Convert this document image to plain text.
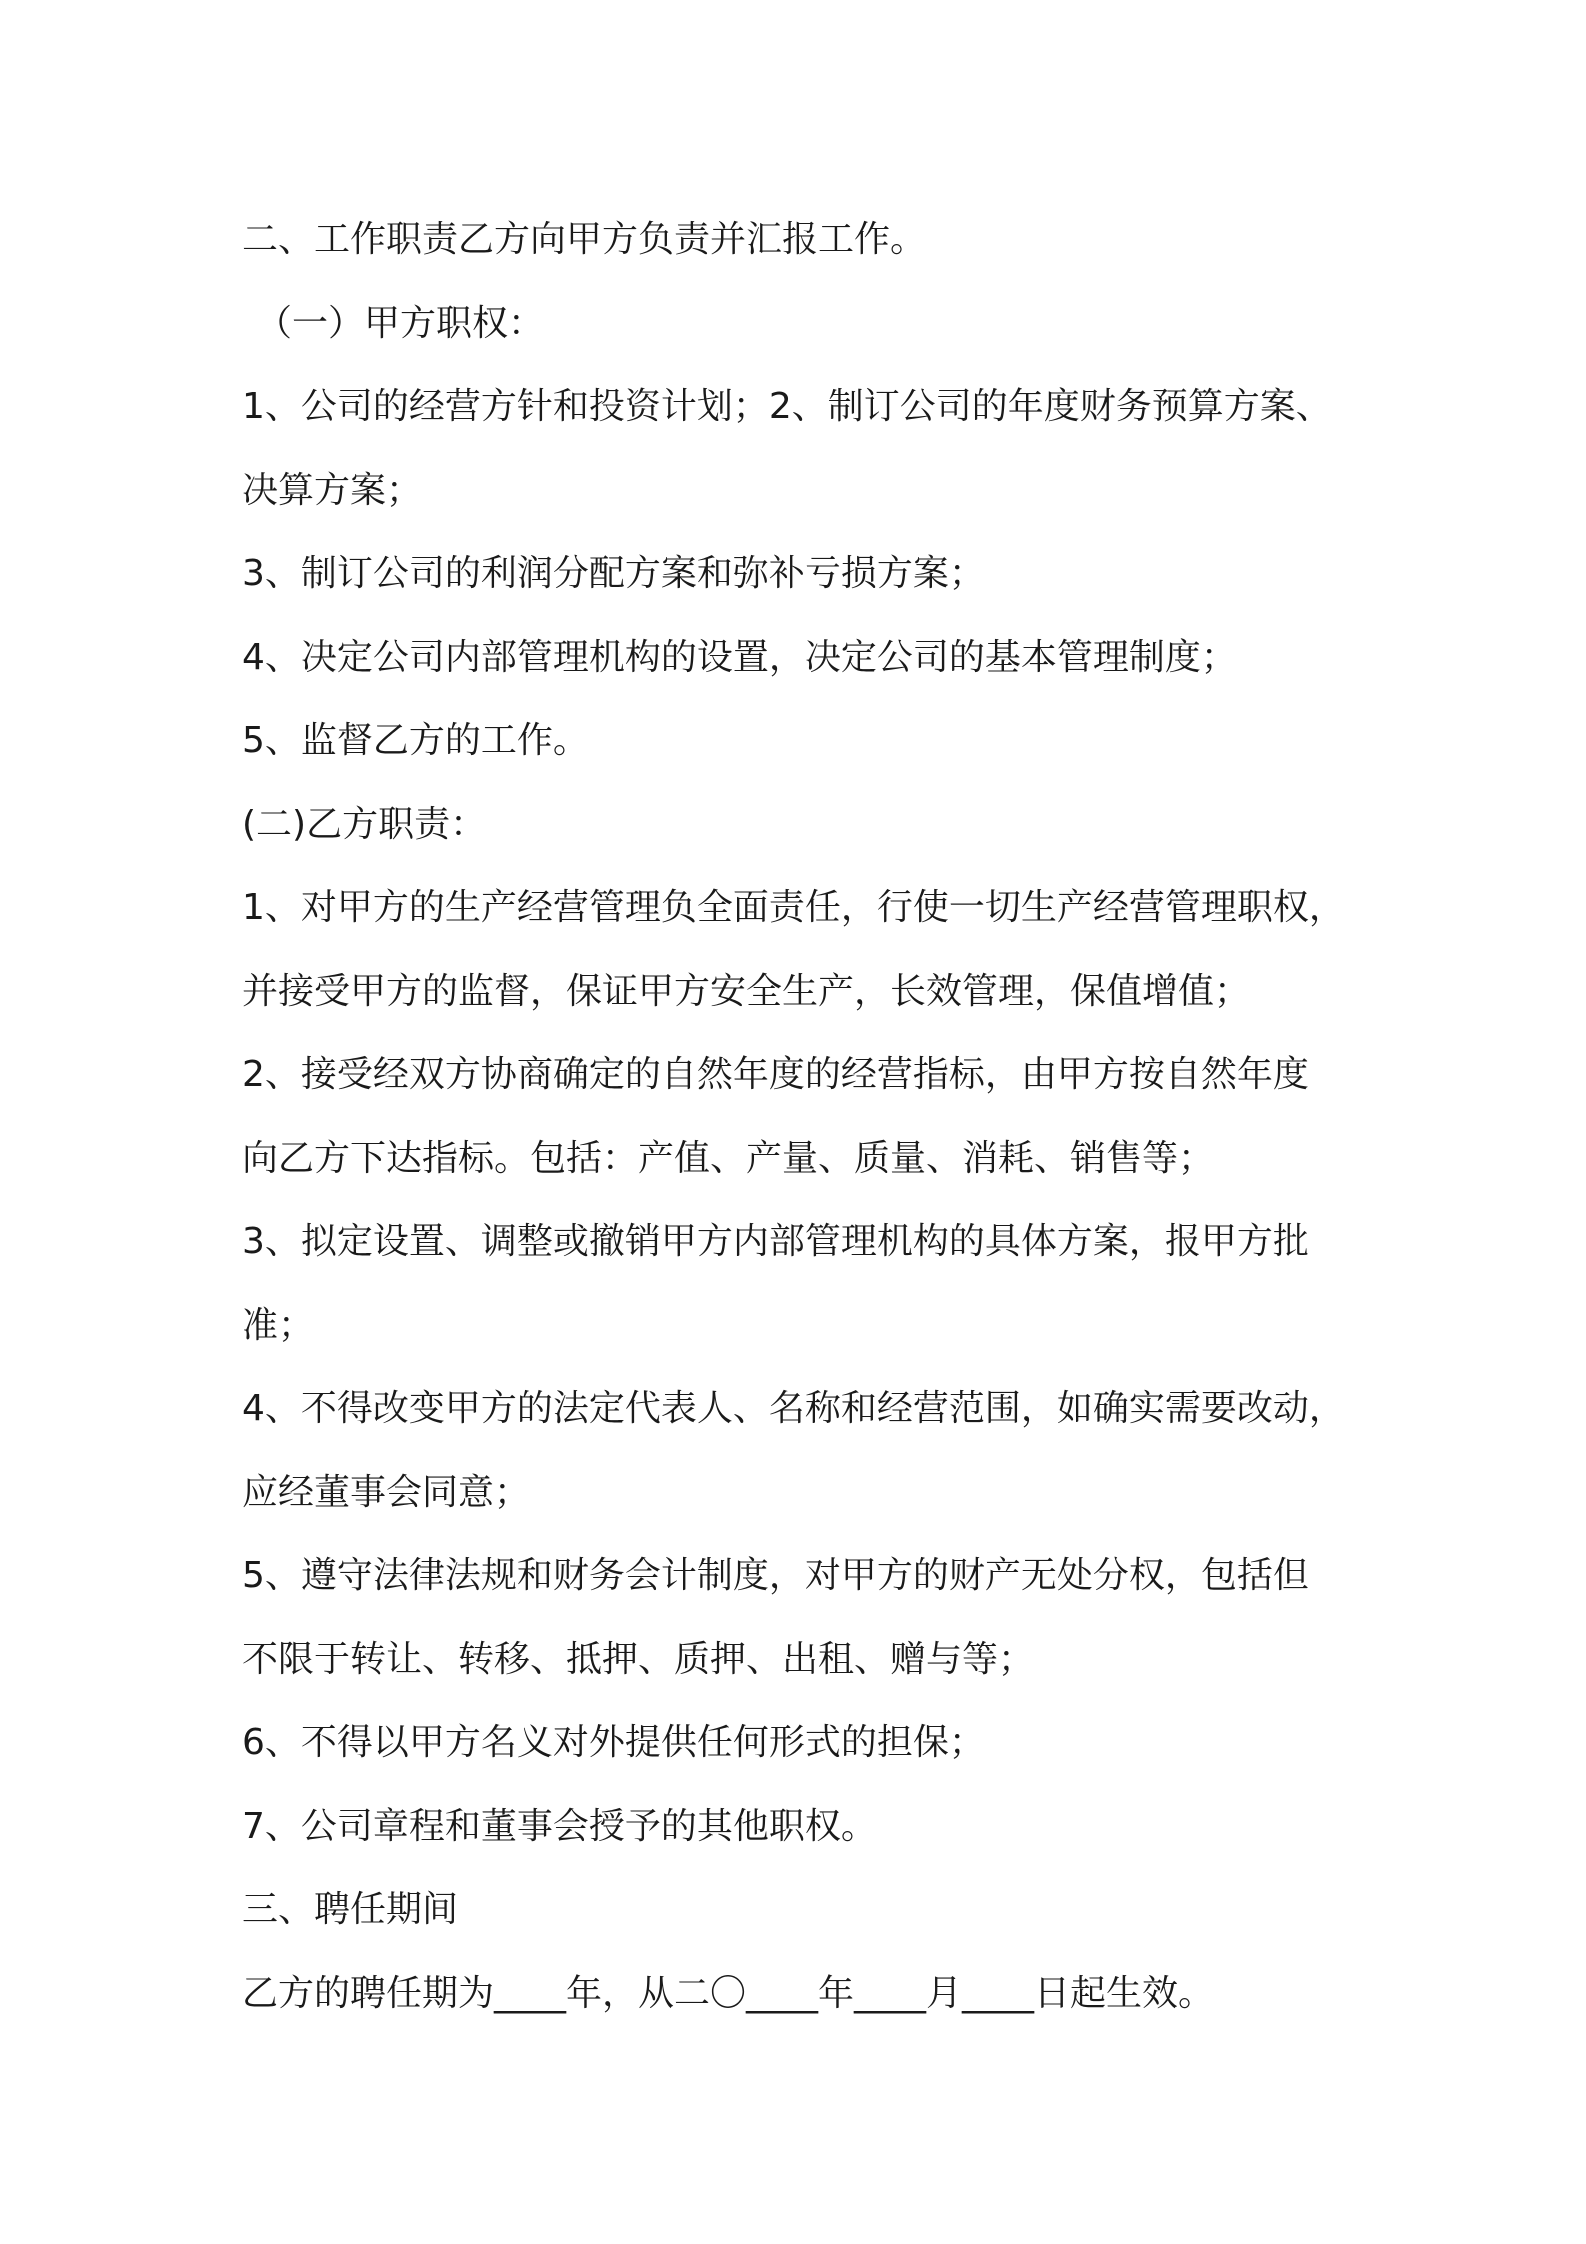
二、工作职责乙方向甲方负责并汇报工作。
（一）甲方职权：
1、公司的经营方针和投资计划；2、制订公司的年度财务预算方案、
决算方案；
3、制订公司的利润分配方案和弥补亏损方案；
4、决定公司内部管理机构的设置，决定公司的基本管理制度；
5、监督乙方的工作。
(二)乙方职责：
1、对甲方的生产经营管理负全面责任，行使一切生产经营管理职权，
并接受甲方的监督，保证甲方安全生产，长效管理，保值增值；
2、接受经双方协商确定的自然年度的经营指标，由甲方按自然年度
向乙方下达指标。包括：产值、产量、质量、消耗、销售等；
3、拟定设置、调整或撤销甲方内部管理机构的具体方案，报甲方批
准；
4、不得改变甲方的法定代表人、名称和经营范围，如确实需要改动，
应经董事会同意；
5、遵守法律法规和财务会计制度，对甲方的财产无处分权，包括但
不限于转让、转移、抵押、质押、出租、赠与等；
6、不得以甲方名义对外提供任何形式的担保；
7、公司章程和董事会授予的其他职权。
三、聘任期间
乙方的聘任期为____年，从二〇____年____月____日起生效。
